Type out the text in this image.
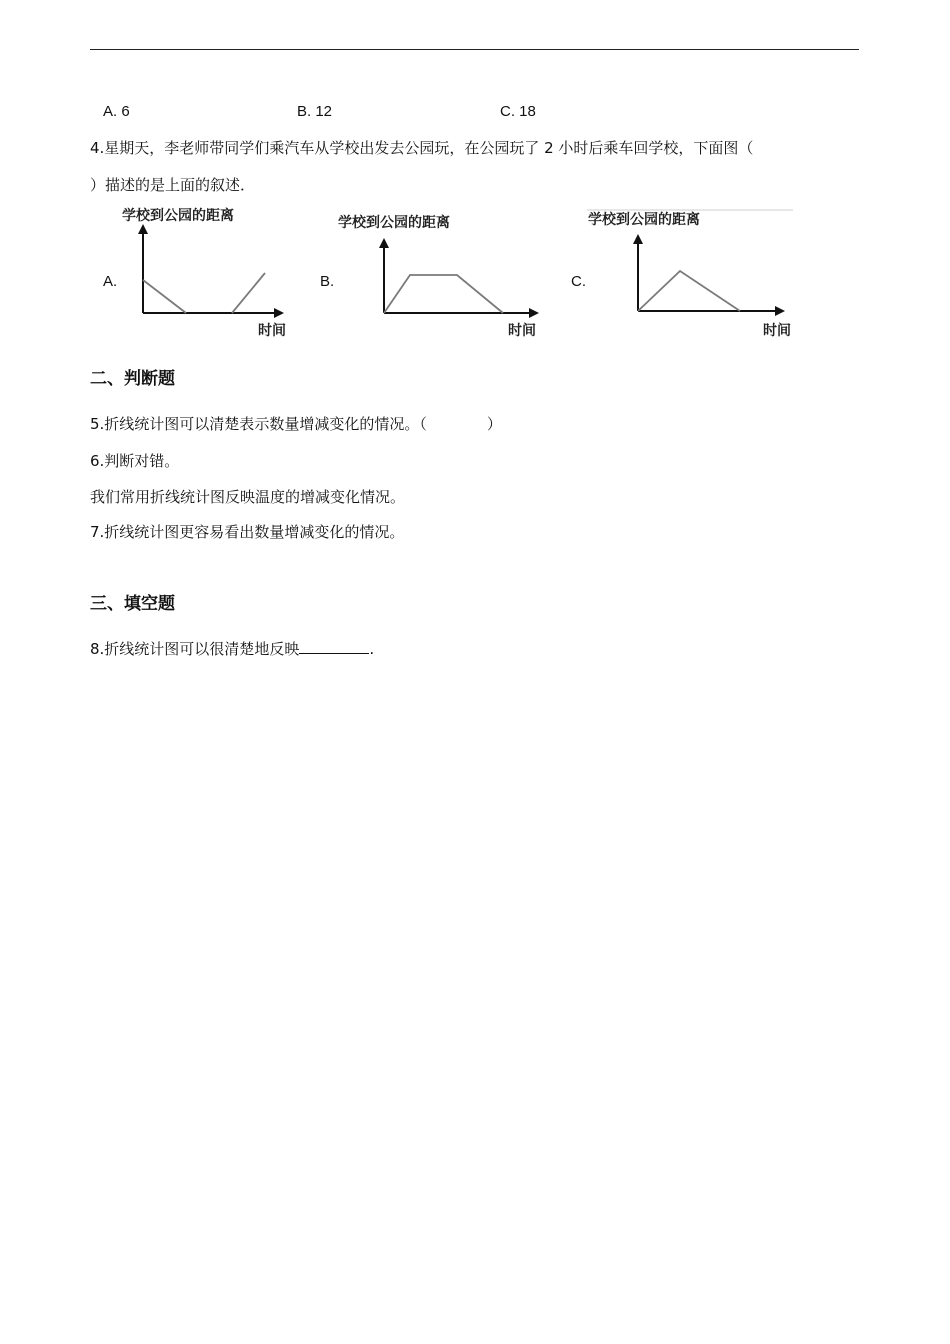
A. 6	B. 12	C. 18
4.星期天，李老师带同学们乘汽车从学校出发去公园玩，在公园玩了 2 小时后乘车回学校，下面图（
）描述的是上面的叙述．
A.
学校到公园的距离
时间
B.
学校到公园的距离
时间
C.
学校到公园的距离
时间
二、判断题
5.折线统计图可以清楚表示数量增减变化的情况。（　　　　）
6.判断对错。
我们常用折线统计图反映温度的增减变化情况。
7.折线统计图更容易看出数量增减变化的情况。
三、填空题
8.折线统计图可以很清楚地反映	.
